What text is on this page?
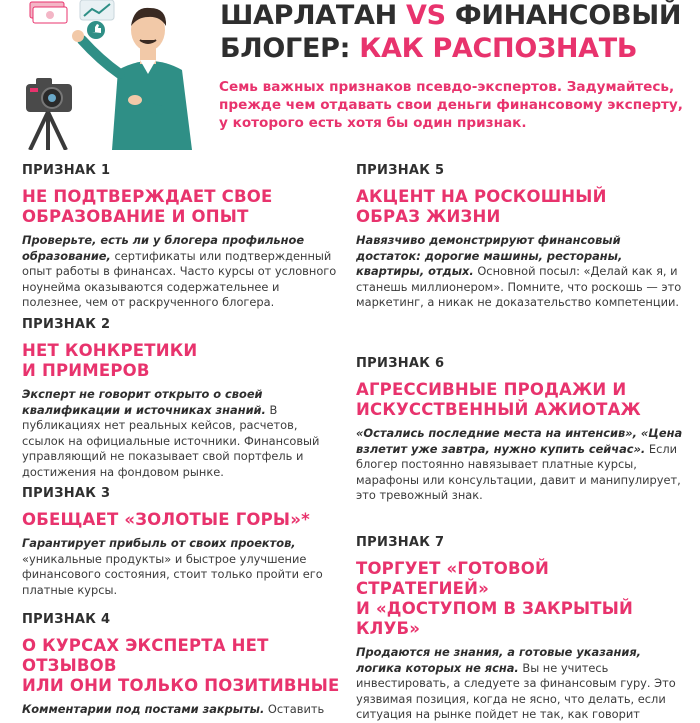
ШАРЛАТАН VS ФИНАНСОВЫЙ
БЛОГЕР: КАК РАСПОЗНАТЬ
Семь важных признаков псевдо-экспертов. Задумайтесь, прежде чем отдавать свои деньги финансовому эксперту, у которого есть хотя бы один признак.
ПРИЗНАК 1
НЕ ПОДТВЕРЖДАЕТ СВОЕ
ОБРАЗОВАНИЕ И ОПЫТ
Проверьте, есть ли у блогера профильное образование, сертификаты или подтвержденный опыт работы в финансах. Часто курсы от условного ноунейма оказываются содержательнее и полезнее, чем от раскрученного блогера.
ПРИЗНАК 2
НЕТ КОНКРЕТИКИ
И ПРИМЕРОВ
Эксперт не говорит открыто о своей квалификации и источниках знаний. В публикациях нет реальных кейсов, расчетов, ссылок на официальные источники. Финансовый управляющий не показывает свой портфель и достижения на фондовом рынке.
ПРИЗНАК 3
ОБЕЩАЕТ «ЗОЛОТЫЕ ГОРЫ»*
Гарантирует прибыль от своих проектов, «уникальные продукты» и быстрое улучшение финансового состояния, стоит только пройти его платные курсы.
ПРИЗНАК 4
О КУРСАХ ЭКСПЕРТА НЕТ ОТЗЫВОВ
ИЛИ ОНИ ТОЛЬКО ПОЗИТИВНЫЕ
Комментарии под постами закрыты. Оставить
ПРИЗНАК 5
АКЦЕНТ НА РОСКОШНЫЙ
ОБРАЗ ЖИЗНИ
Навязчиво демонстрируют финансовый достаток: дорогие машины, рестораны, квартиры, отдых. Основной посыл: «Делай как я, и станешь миллионером». Помните, что роскошь — это маркетинг, а никак не доказательство компетенции.
ПРИЗНАК 6
АГРЕССИВНЫЕ ПРОДАЖИ И
ИСКУССТВЕННЫЙ АЖИОТАЖ
«Остались последние места на интенсив», «Цена взлетит уже завтра, нужно купить сейчас». Если блогер постоянно навязывает платные курсы, марафоны или консультации, давит и манипулирует, это тревожный знак.
ПРИЗНАК 7
ТОРГУЕТ «ГОТОВОЙ СТРАТЕГИЕЙ»
И «ДОСТУПОМ В ЗАКРЫТЫЙ
КЛУБ»
Продаются не знания, а готовые указания, логика которых не ясна. Вы не учитесь инвестировать, а следуете за финансовым гуру. Это уязвимая позиция, когда не ясно, что делать, если ситуация на рынке пойдет не так, как говорит
